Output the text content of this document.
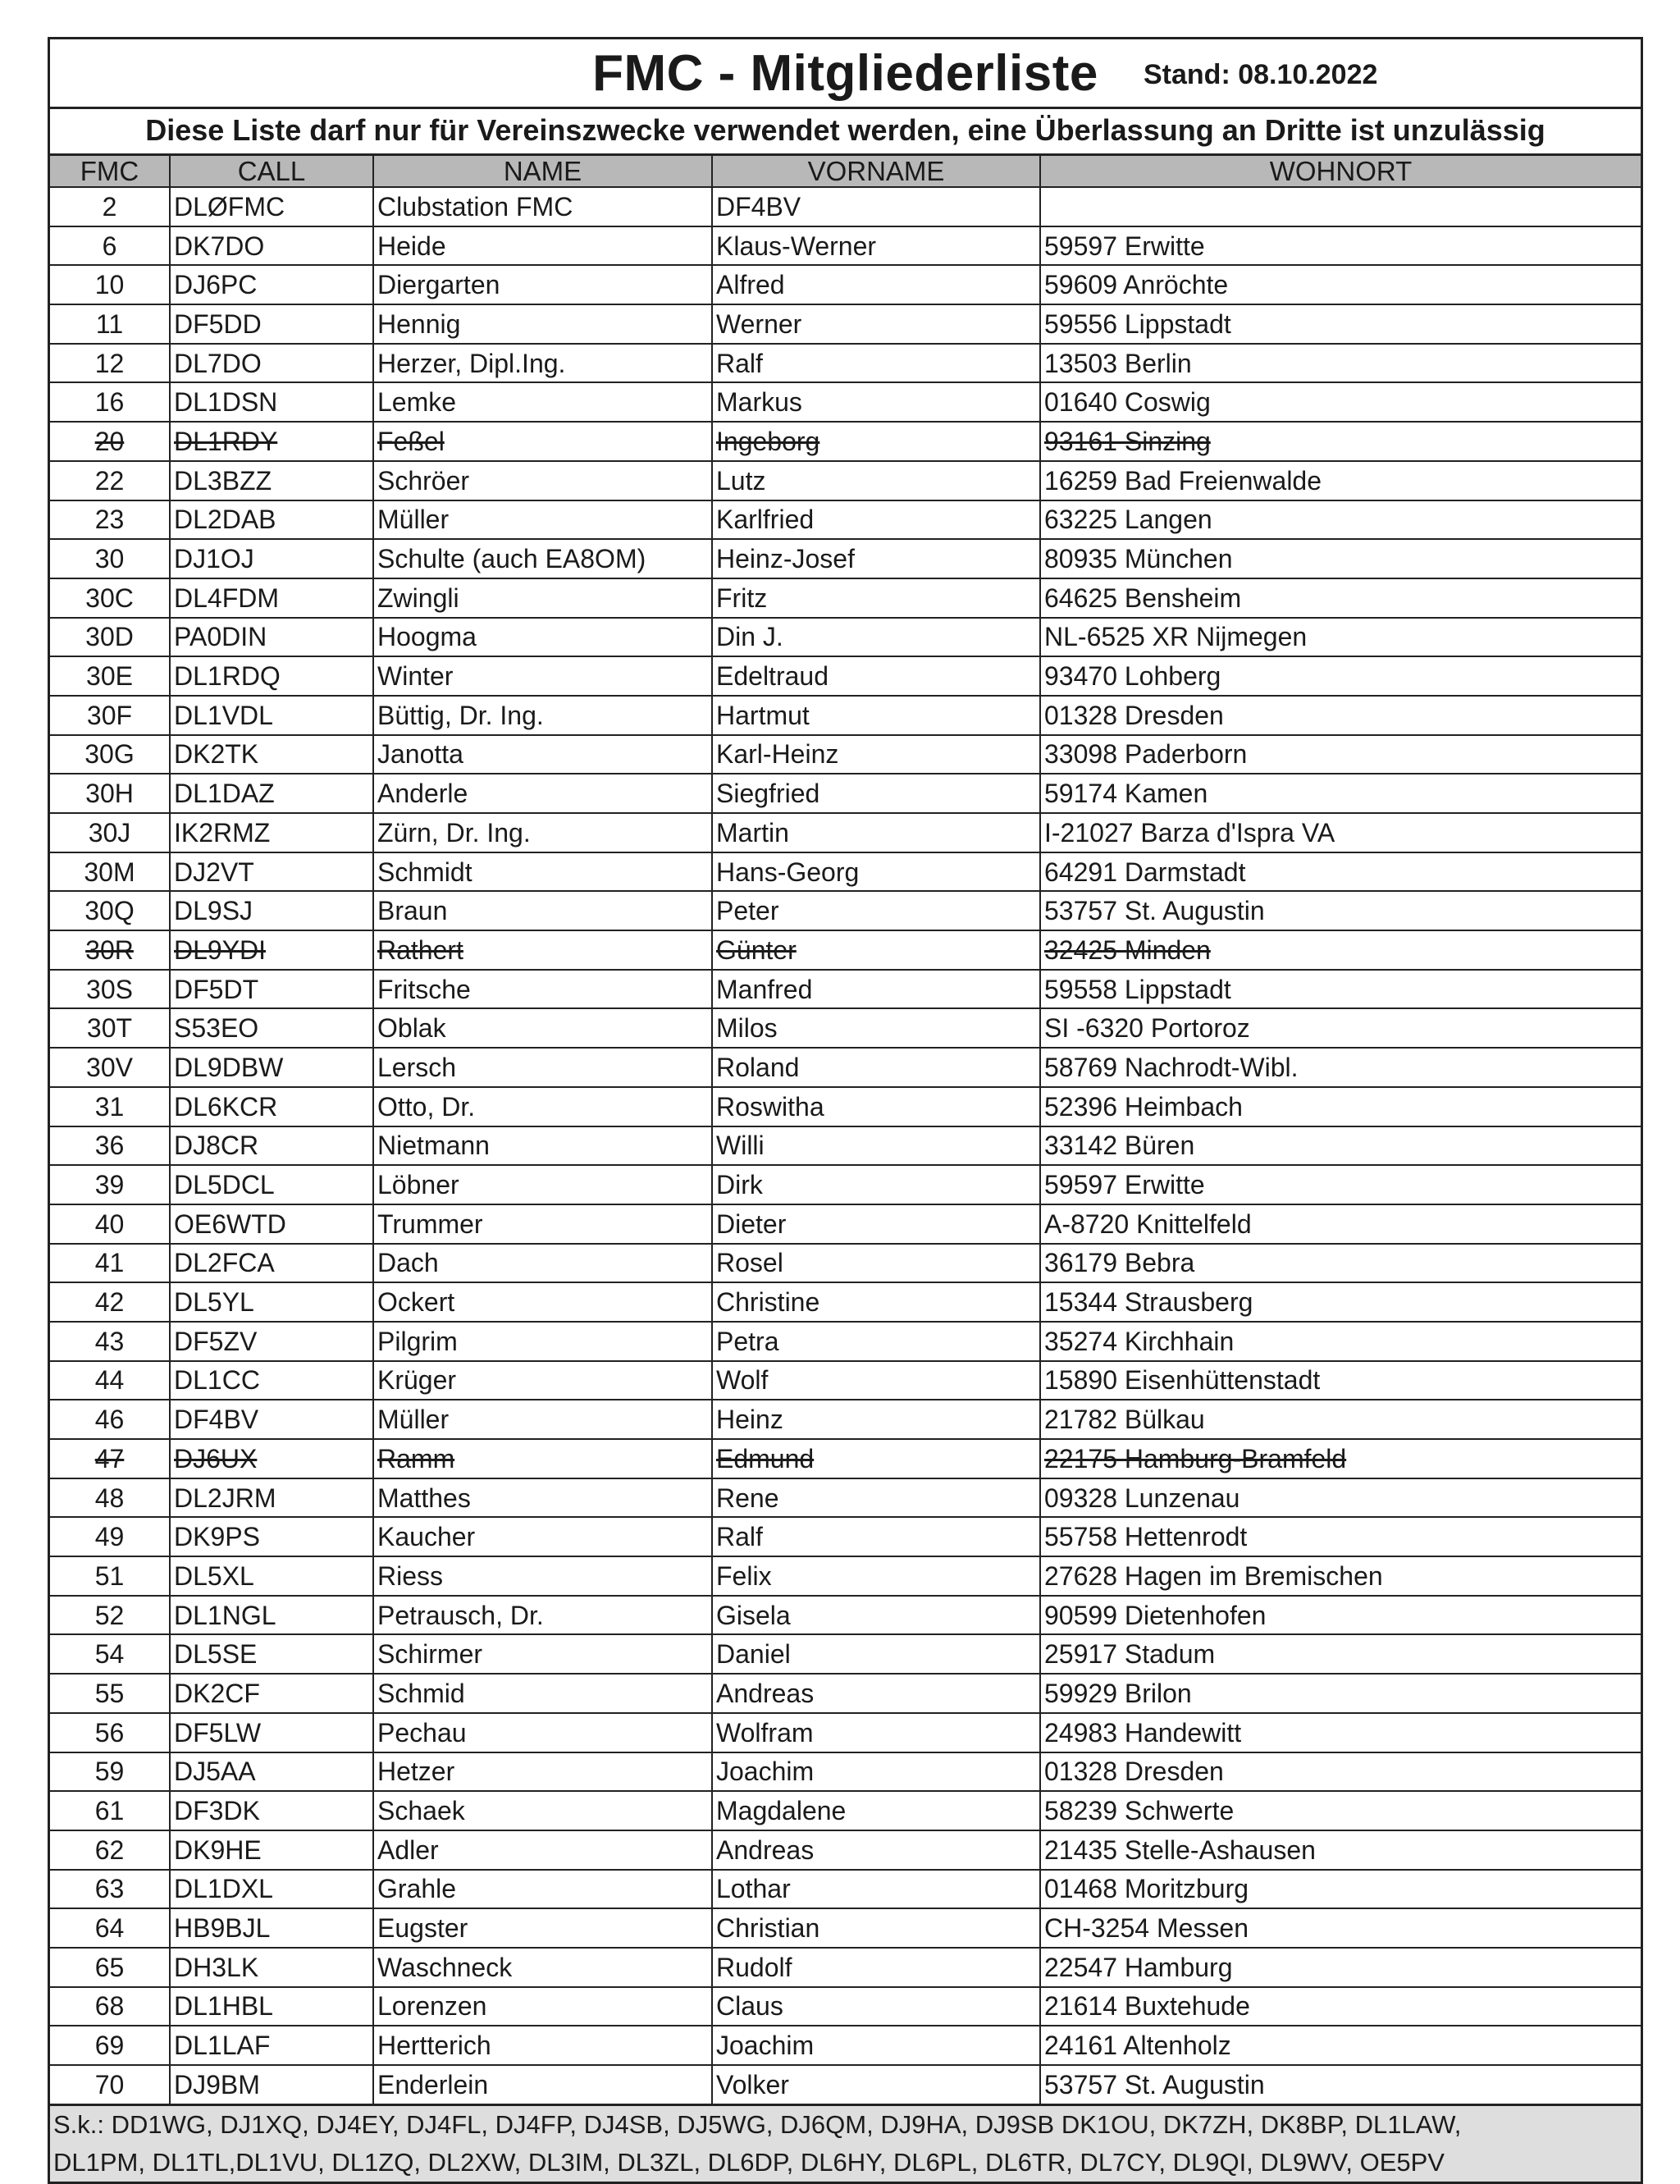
FMC - Mitgliederliste	Stand: 08.10.2022
Diese Liste darf nur für Vereinszwecke verwendet werden, eine Überlassung an Dritte ist unzulässig
FMC	CALL	NAME	VORNAME	WOHNORT
2	DLØFMC	Clubstation FMC	DF4BV	
6	DK7DO	Heide	Klaus-Werner	59597 Erwitte
10	DJ6PC	Diergarten	Alfred	59609 Anröchte
11	DF5DD	Hennig	Werner	59556 Lippstadt
12	DL7DO	Herzer, Dipl.Ing.	Ralf	13503 Berlin
16	DL1DSN	Lemke	Markus	01640 Coswig
20	DL1RDY	Feßel	Ingeborg	93161 Sinzing
22	DL3BZZ	Schröer	Lutz	16259 Bad Freienwalde
23	DL2DAB	Müller	Karlfried	63225 Langen
30	DJ1OJ	Schulte (auch EA8OM)	Heinz-Josef	80935 München
30C	DL4FDM	Zwingli	Fritz	64625 Bensheim
30D	PA0DIN	Hoogma	Din J.	NL-6525 XR Nijmegen
30E	DL1RDQ	Winter	Edeltraud	93470 Lohberg
30F	DL1VDL	Büttig, Dr. Ing.	Hartmut	01328 Dresden
30G	DK2TK	Janotta	Karl-Heinz	33098 Paderborn
30H	DL1DAZ	Anderle	Siegfried	59174 Kamen
30J	IK2RMZ	Zürn, Dr. Ing.	Martin	I-21027 Barza d'Ispra VA
30M	DJ2VT	Schmidt	Hans-Georg	64291 Darmstadt
30Q	DL9SJ	Braun	Peter	53757 St. Augustin
30R	DL9YDI	Rathert	Günter	32425 Minden
30S	DF5DT	Fritsche	Manfred	59558 Lippstadt
30T	S53EO	Oblak	Milos	SI -6320 Portoroz
30V	DL9DBW	Lersch	Roland	58769 Nachrodt-Wibl.
31	DL6KCR	Otto, Dr.	Roswitha	52396 Heimbach
36	DJ8CR	Nietmann	Willi	33142 Büren
39	DL5DCL	Löbner	Dirk	59597 Erwitte
40	OE6WTD	Trummer	Dieter	A-8720 Knittelfeld
41	DL2FCA	Dach	Rosel	36179 Bebra
42	DL5YL	Ockert	Christine	15344 Strausberg
43	DF5ZV	Pilgrim	Petra	35274 Kirchhain
44	DL1CC	Krüger	Wolf	15890 Eisenhüttenstadt
46	DF4BV	Müller	Heinz	21782 Bülkau
47	DJ6UX	Ramm	Edmund	22175 Hamburg-Bramfeld
48	DL2JRM	Matthes	Rene	09328 Lunzenau
49	DK9PS	Kaucher	Ralf	55758 Hettenrodt
51	DL5XL	Riess	Felix	27628 Hagen im Bremischen
52	DL1NGL	Petrausch, Dr.	Gisela	90599 Dietenhofen
54	DL5SE	Schirmer	Daniel	25917 Stadum
55	DK2CF	Schmid	Andreas	59929 Brilon
56	DF5LW	Pechau	Wolfram	24983 Handewitt
59	DJ5AA	Hetzer	Joachim	01328 Dresden
61	DF3DK	Schaek	Magdalene	58239 Schwerte
62	DK9HE	Adler	Andreas	21435 Stelle-Ashausen
63	DL1DXL	Grahle	Lothar	01468 Moritzburg
64	HB9BJL	Eugster	Christian	CH-3254 Messen
65	DH3LK	Waschneck	Rudolf	22547 Hamburg
68	DL1HBL	Lorenzen	Claus	21614 Buxtehude
69	DL1LAF	Hertterich	Joachim	24161 Altenholz
70	DJ9BM	Enderlein	Volker	53757 St. Augustin
S.k.: DD1WG, DJ1XQ, DJ4EY, DJ4FL, DJ4FP, DJ4SB, DJ5WG, DJ6QM, DJ9HA, DJ9SB DK1OU, DK7ZH, DK8BP, DL1LAW,
DL1PM, DL1TL,DL1VU, DL1ZQ, DL2XW, DL3IM, DL3ZL, DL6DP, DL6HY, DL6PL, DL6TR, DL7CY, DL9QI, DL9WV, OE5PV
